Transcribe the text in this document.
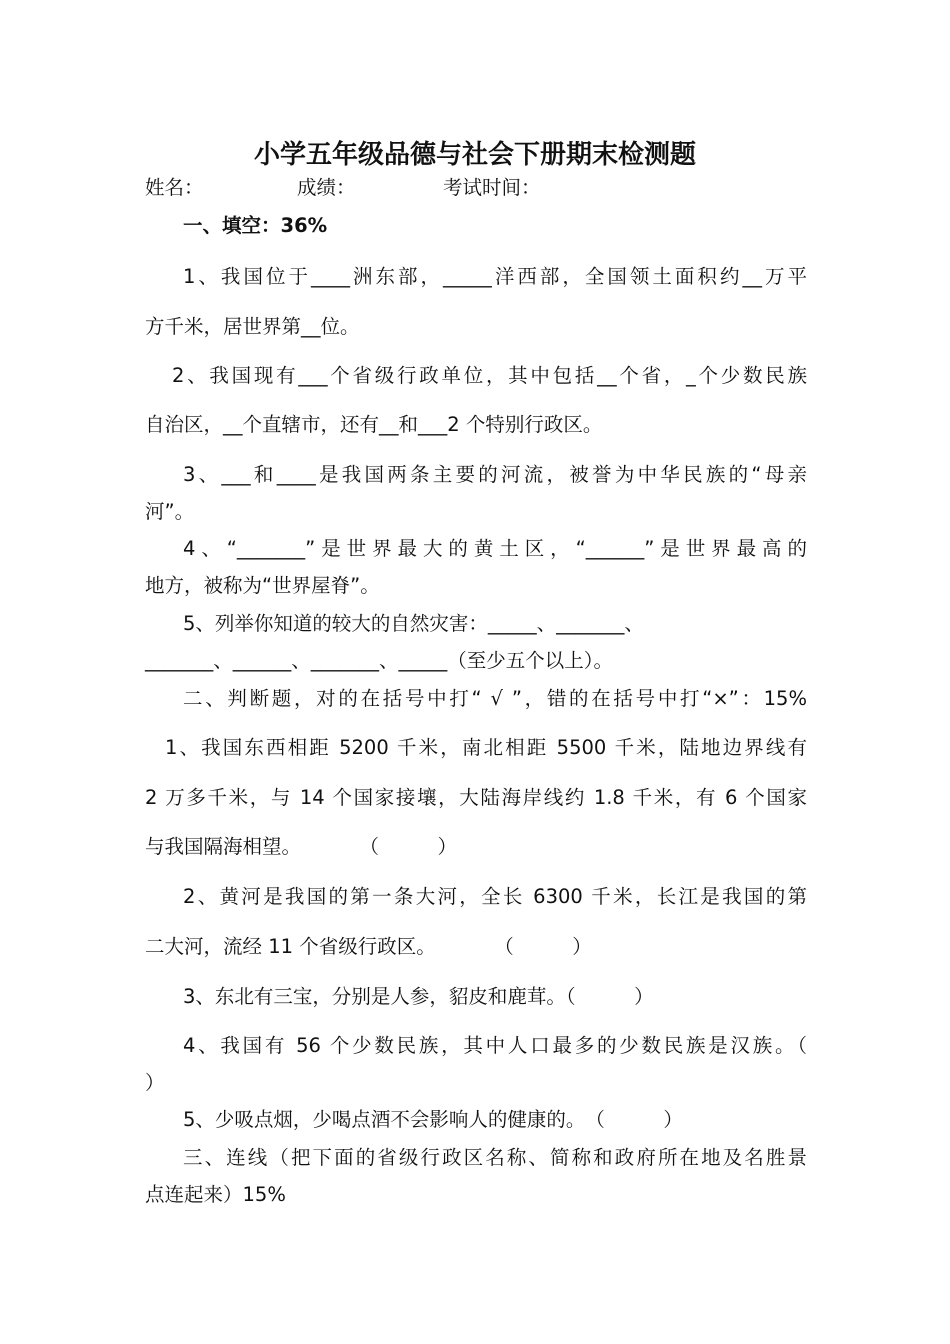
小学五年级品德与社会下册期末检测题
姓名：	成绩：	考试时间：
一、填空：36%
1、我国位于____洲东部，_____洋西部，全国领土面积约__万平
方千米，居世界第__位。
2、我国现有___个省级行政单位，其中包括__个省，_个少数民族
自治区，__个直辖市，还有__和___2 个特别行政区。
3、___和____是我国两条主要的河流，被誉为中华民族的“母亲
河”。
4、“_______”是世界最大的黄土区，“______”是世界最高的
地方，被称为“世界屋脊”。
5、列举你知道的较大的自然灾害：_____、_______、
_______、______、_______、_____（至少五个以上）。
二、判断题，对的在括号中打“ √ ”，错的在括号中打“×”：15%
1、我国东西相距 5200 千米，南北相距 5500 千米，陆地边界线有
2 万多千米，与 14 个国家接壤，大陆海岸线约 1.8 千米，有 6 个国家
与我国隔海相望。　　　　（　　　）
2、黄河是我国的第一条大河，全长 6300 千米，长江是我国的第
二大河，流经 11 个省级行政区。　　　　（　　　）
3、东北有三宝，分别是人参，貂皮和鹿茸。（　　　）
4、我国有 56 个少数民族，其中人口最多的少数民族是汉族。（
）
5、少吸点烟，少喝点酒不会影响人的健康的。　（　　　）
三、连线（把下面的省级行政区名称、简称和政府所在地及名胜景
点连起来）15%
